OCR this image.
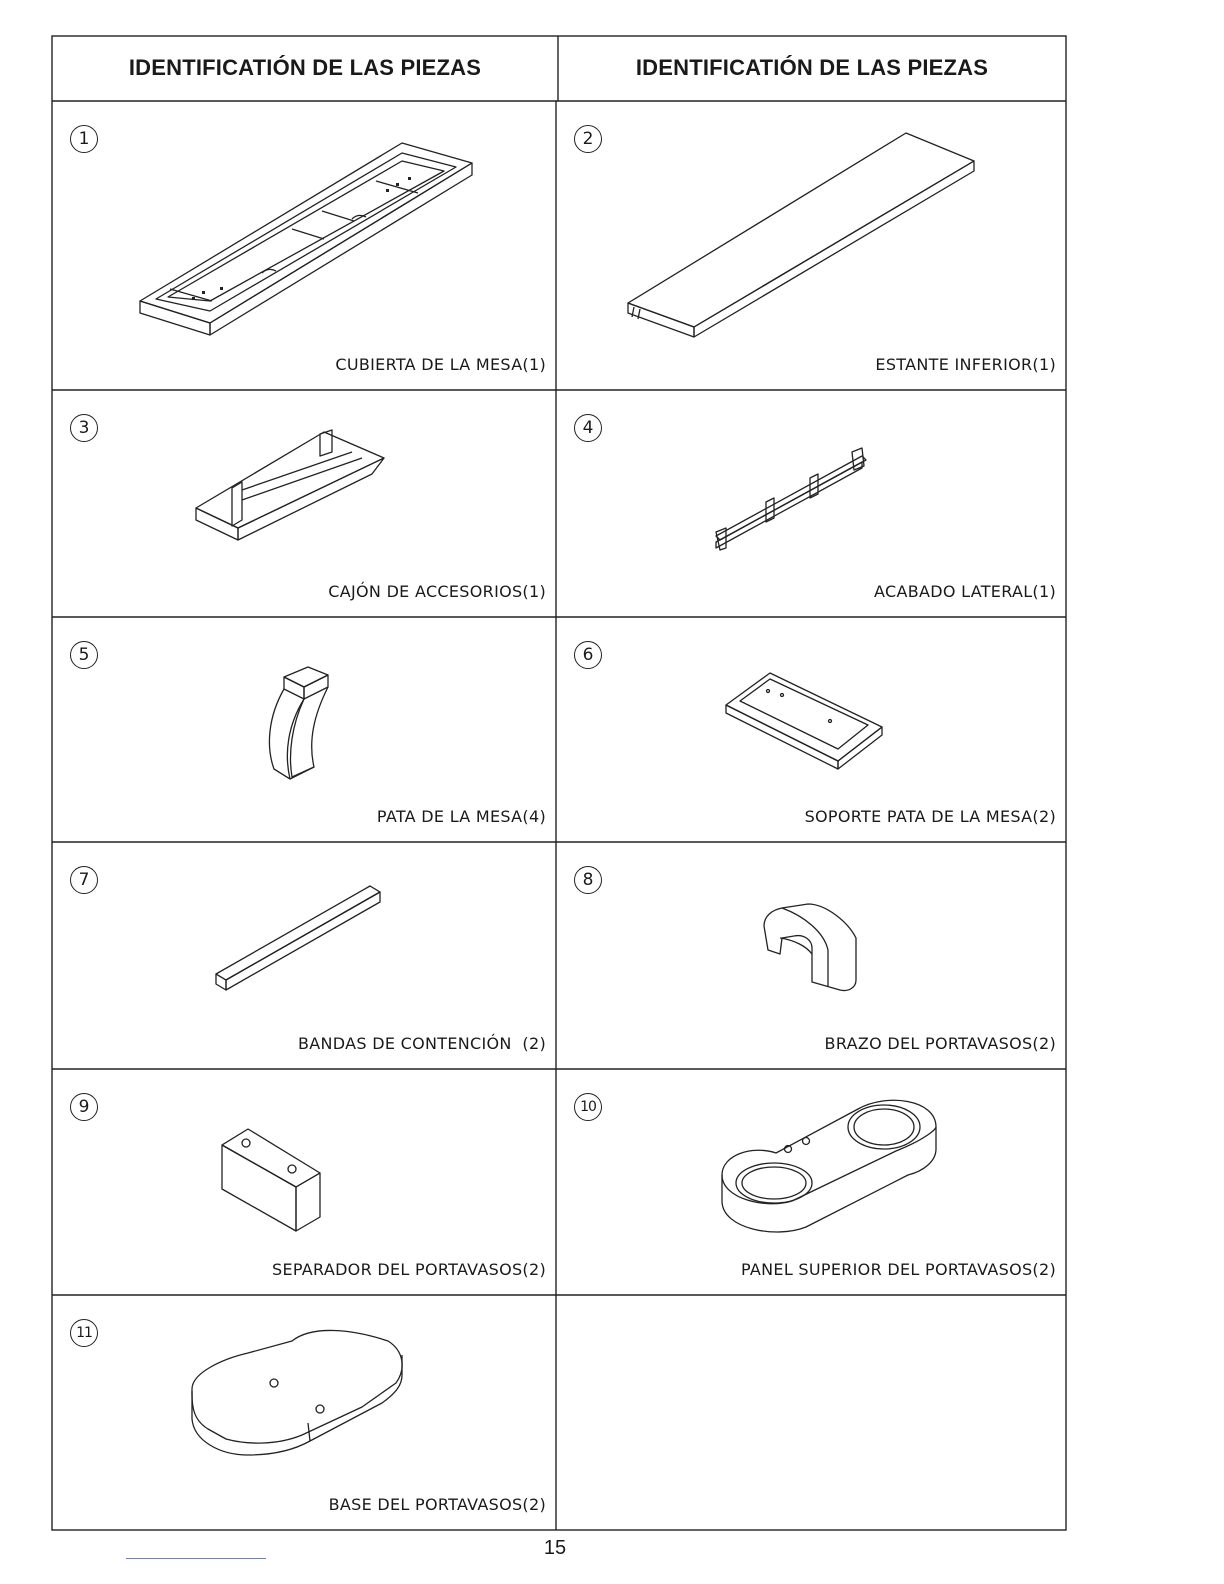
IDENTIFICATIÓN DE LAS PIEZAS	IDENTIFICATIÓN DE LAS PIEZAS
1
CUBIERTA DE LA MESA(1)
2
ESTANTE INFERIOR(1)
3
CAJÓN DE ACCESORIOS(1)
4
ACABADO LATERAL(1)
5
PATA DE LA MESA(4)
6
SOPORTE PATA DE LA MESA(2)
7
BANDAS DE CONTENCIÓN  (2)
8
BRAZO DEL PORTAVASOS(2)
9
SEPARADOR DEL PORTAVASOS(2)
10
PANEL SUPERIOR DEL PORTAVASOS(2)
11
BASE DEL PORTAVASOS(2)
15
